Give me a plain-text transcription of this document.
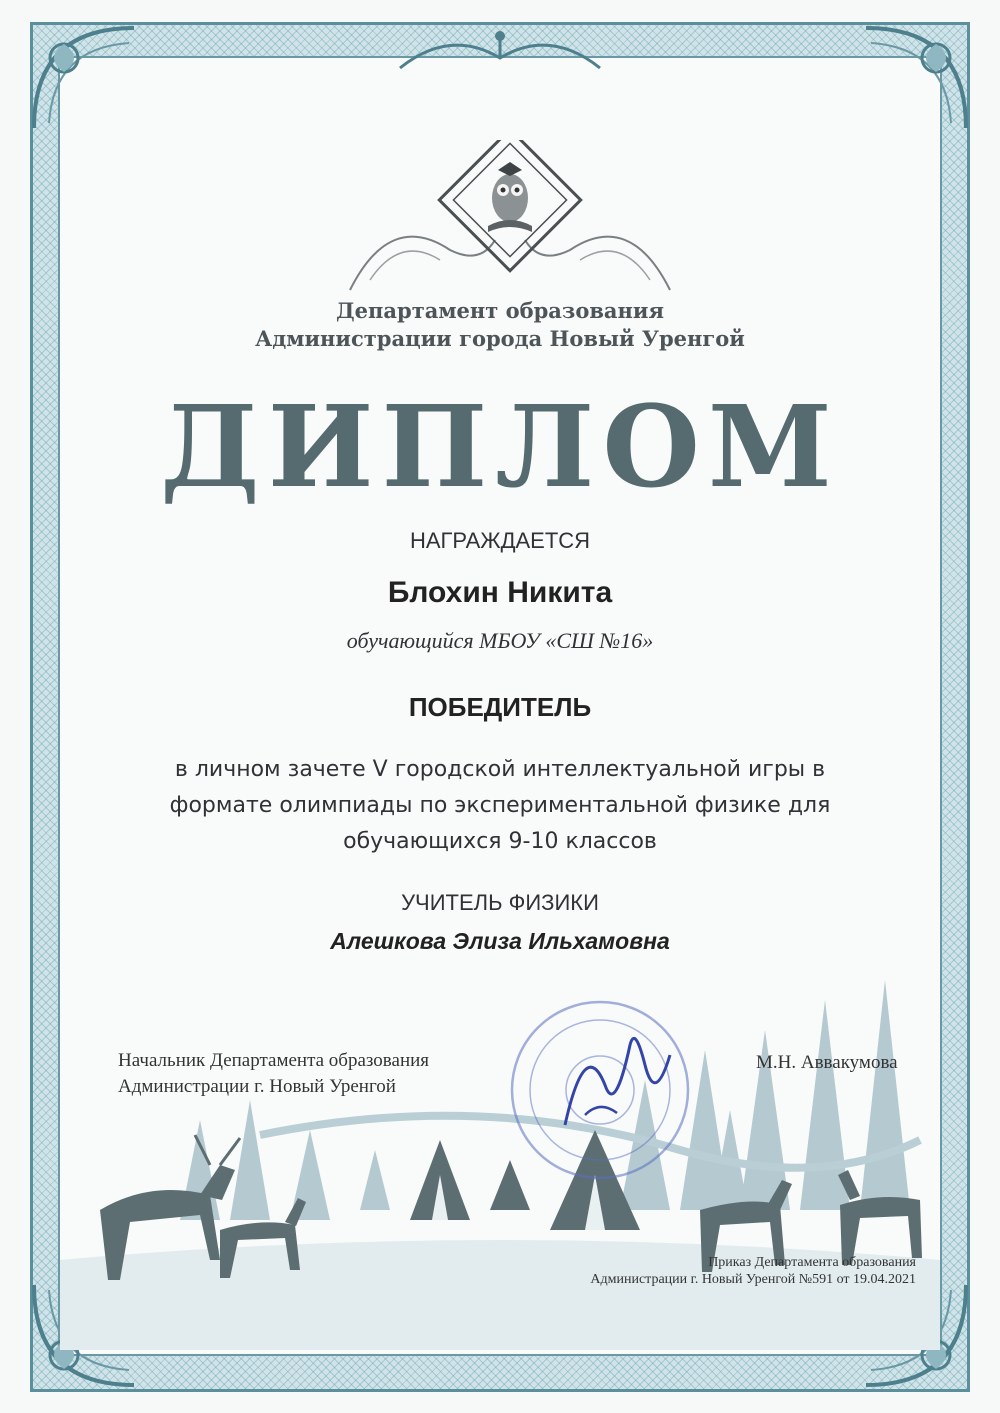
Департамент образования
Администрации города Новый Уренгой
ДИПЛОМ
НАГРАЖДАЕТСЯ
Блохин Никита
обучающийся МБОУ «СШ №16»
ПОБЕДИТЕЛЬ
в личном зачете V городской интеллектуальной игры в
формате олимпиады по экспериментальной физике для
обучающихся 9-10 классов
УЧИТЕЛЬ ФИЗИКИ
Алешкова Элиза Ильхамовна
Начальник Департамента образования
Администрации г. Новый Уренгой
М.Н. Аввакумова
Приказ Департамента образования
Администрации г. Новый Уренгой №591 от 19.04.2021
